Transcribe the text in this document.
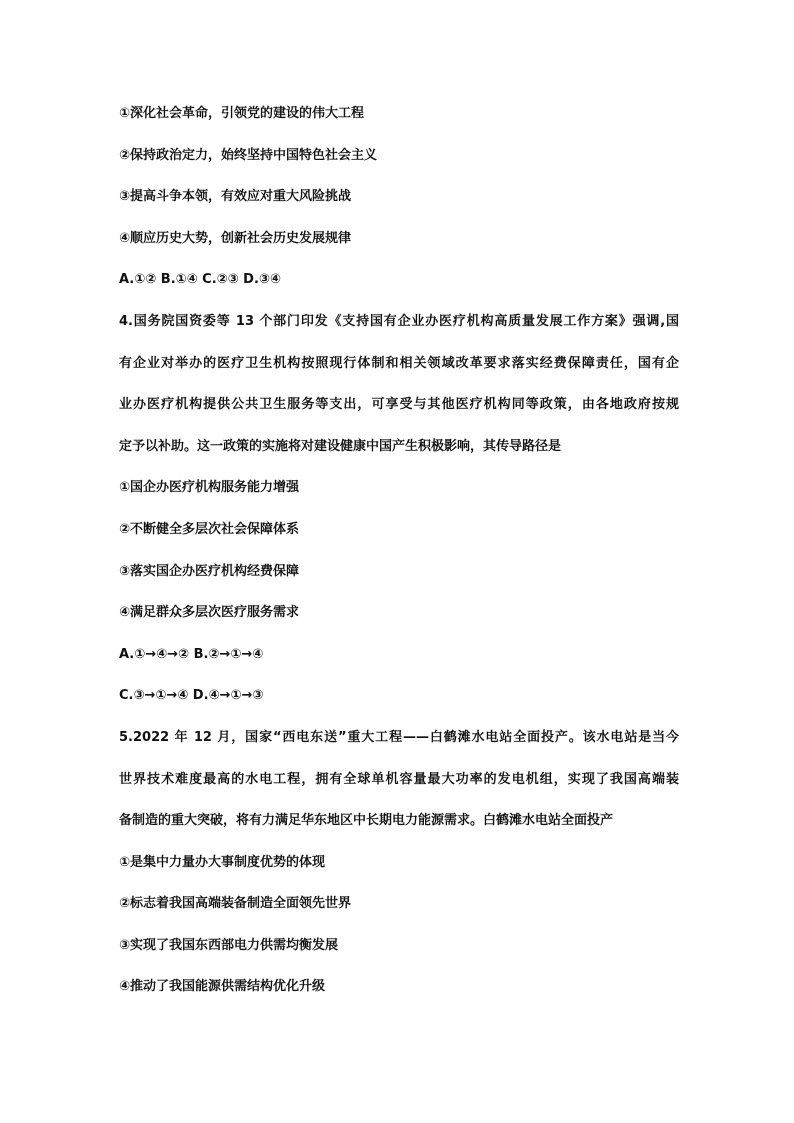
①深化社会革命，引领党的建设的伟大工程

②保持政治定力，始终坚持中国特色社会主义

③提高斗争本领，有效应对重大风险挑战

④顺应历史大势，创新社会历史发展规律

A.①② B.①④ C.②③ D.③④

4.国务院国资委等 13 个部门印发《支持国有企业办医疗机构高质量发展工作方案》强调,国

有企业对举办的医疗卫生机构按照现行体制和相关领域改革要求落实经费保障责任，国有企

业办医疗机构提供公共卫生服务等支出，可享受与其他医疗机构同等政策，由各地政府按规

定予以补助。这一政策的实施将对建设健康中国产生积极影响，其传导路径是

①国企办医疗机构服务能力增强

②不断健全多层次社会保障体系

③落实国企办医疗机构经费保障

④满足群众多层次医疗服务需求

A.①→④→② B.②→①→④

C.③→①→④ D.④→①→③

5.2022 年 12 月，国家“西电东送”重大工程——白鹤滩水电站全面投产。该水电站是当今

世界技术难度最高的水电工程，拥有全球单机容量最大功率的发电机组，实现了我国高端装

备制造的重大突破，将有力满足华东地区中长期电力能源需求。白鹤滩水电站全面投产

①是集中力量办大事制度优势的体现

②标志着我国高端装备制造全面领先世界

③实现了我国东西部电力供需均衡发展

④推动了我国能源供需结构优化升级
